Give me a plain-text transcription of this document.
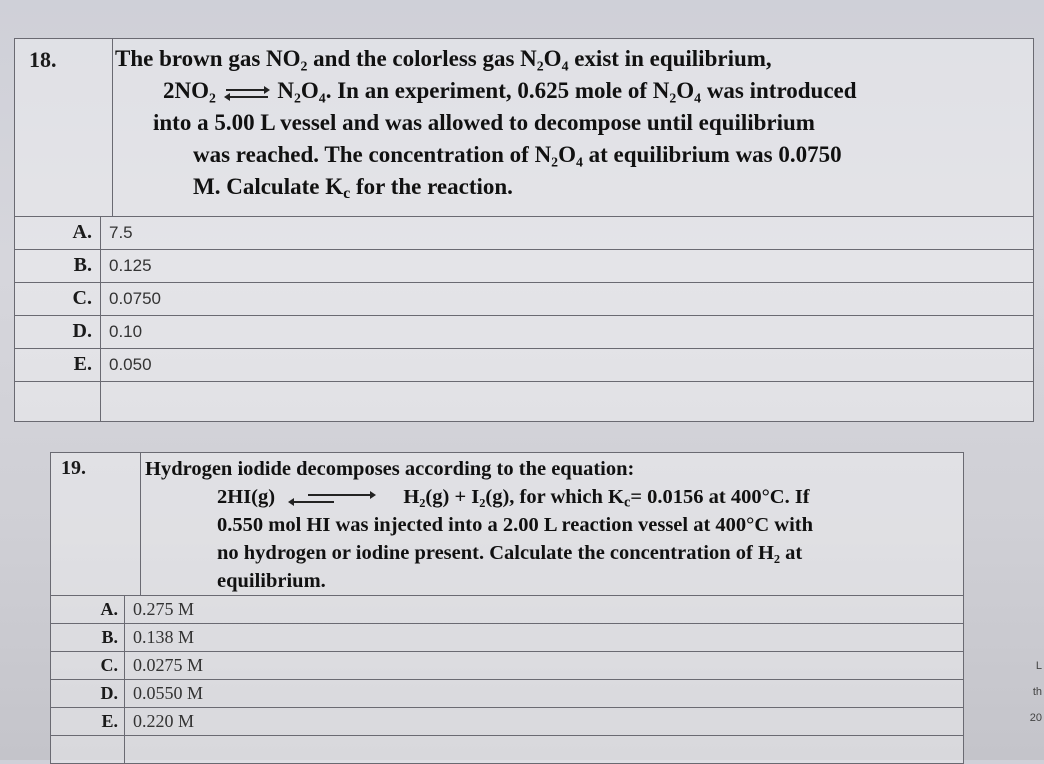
18.		The brown gas NO₂ and the colorless gas N₂O₄ exist in equilibrium,
2NO₂ ⇌ N₂O₄. In an experiment, 0.625 mole of N₂O₄ was introduced
into a 5.00 L vessel and was allowed to decompose until equilibrium
was reached. The concentration of N₂O₄ at equilibrium was 0.0750
M. Calculate $K_c$ for the reaction.

A.	7.5	
B.	0.125	
C.	0.0750	
D.	0.10	
E.	0.050	

19.		Hydrogen iodide decomposes according to the equation:
2HI(g) H₂(g) + I₂(g), for which $K_c= 0.0156$ at 400°C. If
0.550 mol HI was injected into a 2.00 L reaction vessel at 400°C with
no hydrogen or iodine present. Calculate the concentration of H₂ at
equilibrium.

A.	0.275 M	
B.	0.138 M	
C.	0.0275 M	
D.	0.0550 M	
E.	0.220 M	

L
th
20
